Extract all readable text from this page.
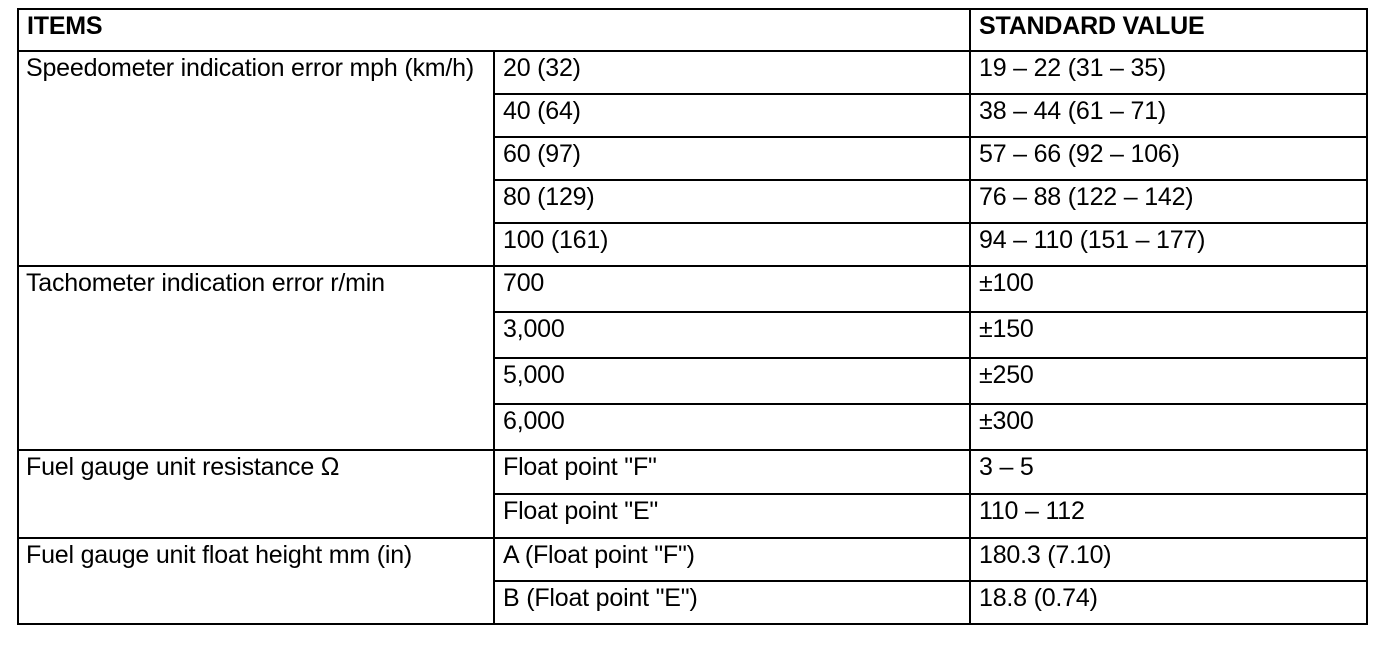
ITEMS		STANDARD VALUE
Speedometer indication error mph (km/h)	20 (32)	19 – 22 (31 – 35)
	40 (64)	38 – 44 (61 – 71)
	60 (97)	57 – 66 (92 – 106)
	80 (129)	76 – 88 (122 – 142)
	100 (161)	94 – 110 (151 – 177)
Tachometer indication error r/min	700	±100
	3,000	±150
	5,000	±250
	6,000	±300
Fuel gauge unit resistance Ω	Float point "F"	3 – 5
	Float point "E"	110 – 112
Fuel gauge unit float height mm (in)	A (Float point "F")	180.3 (7.10)
	B (Float point "E")	18.8 (0.74)
